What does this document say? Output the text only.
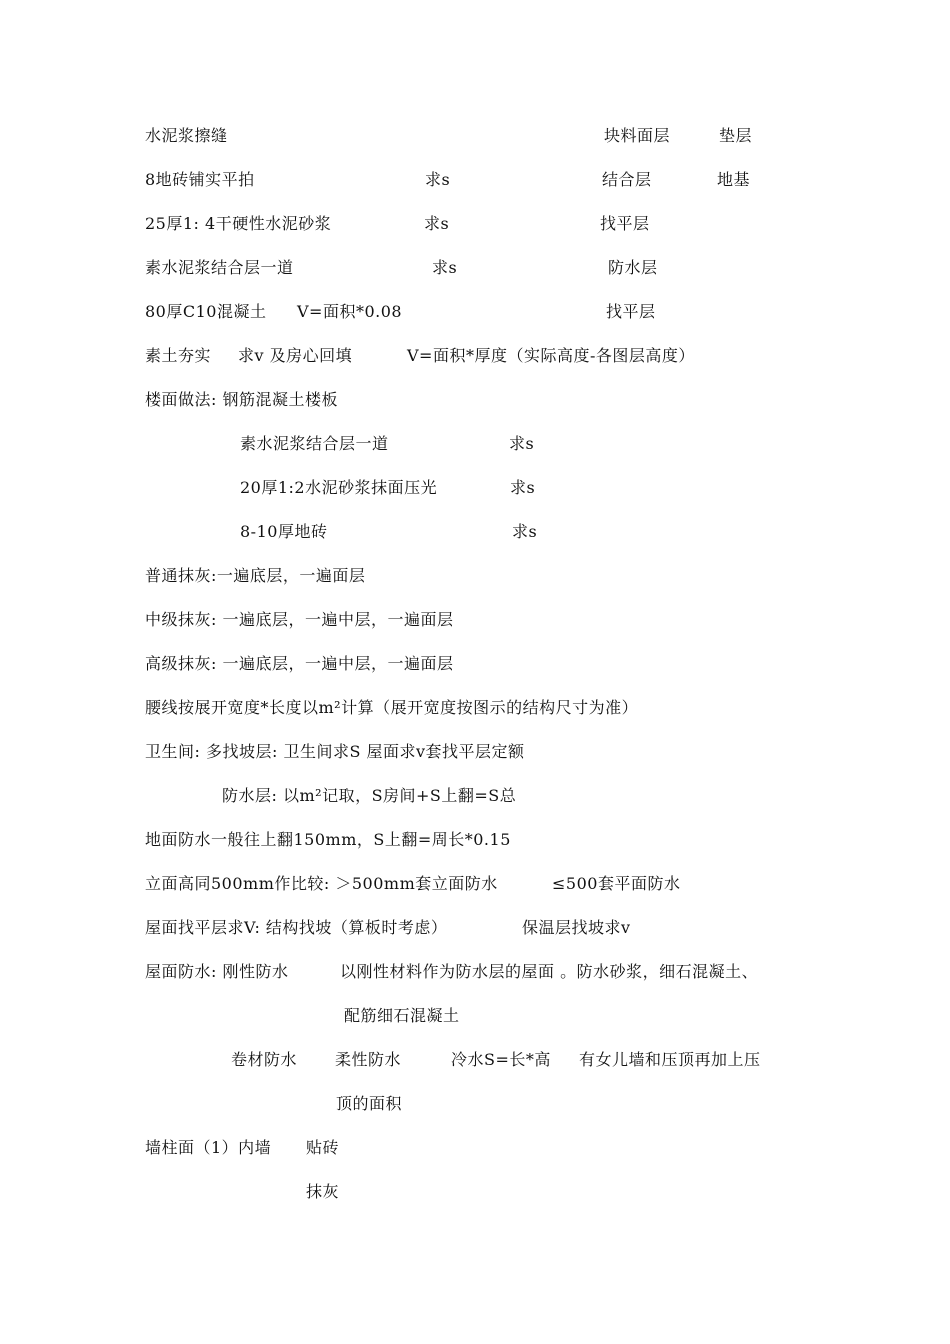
水泥浆擦缝	块料面层	垫层
8地砖铺实平拍	求s	结合层	地基
25厚1: 4干硬性水泥砂浆	求s	找平层
素水泥浆结合层一道	求s	防水层
80厚C10混凝土 V=面积*0.08	找平层
素土夯实 求v 及房心回填	V=面积*厚度（实际高度-各图层高度）
楼面做法: 钢筋混凝土楼板
素水泥浆结合层一道	求s
20厚1:2水泥砂浆抹面压光	求s
8-10厚地砖	求s
普通抹灰:一遍底层，一遍面层
中级抹灰: 一遍底层，一遍中层，一遍面层
高级抹灰: 一遍底层，一遍中层，一遍面层
腰线按展开宽度*长度以m²计算（展开宽度按图示的结构尺寸为准）
卫生间: 多找坡层: 卫生间求S 屋面求v套找平层定额
防水层: 以m²记取，S房间+S上翻=S总
地面防水一般往上翻150mm，S上翻=周长*0.15
立面高同500mm作比较: ＞500mm套立面防水	≤500套平面防水
屋面找平层求V: 结构找坡（算板时考虑）	保温层找坡求v
屋面防水: 刚性防水	以刚性材料作为防水层的屋面 。防水砂浆，细石混凝土、
配筋细石混凝土
卷材防水 柔性防水	冷水S=长*高 有女儿墙和压顶再加上压
顶的面积
墙柱面（1）内墙 贴砖
抹灰
